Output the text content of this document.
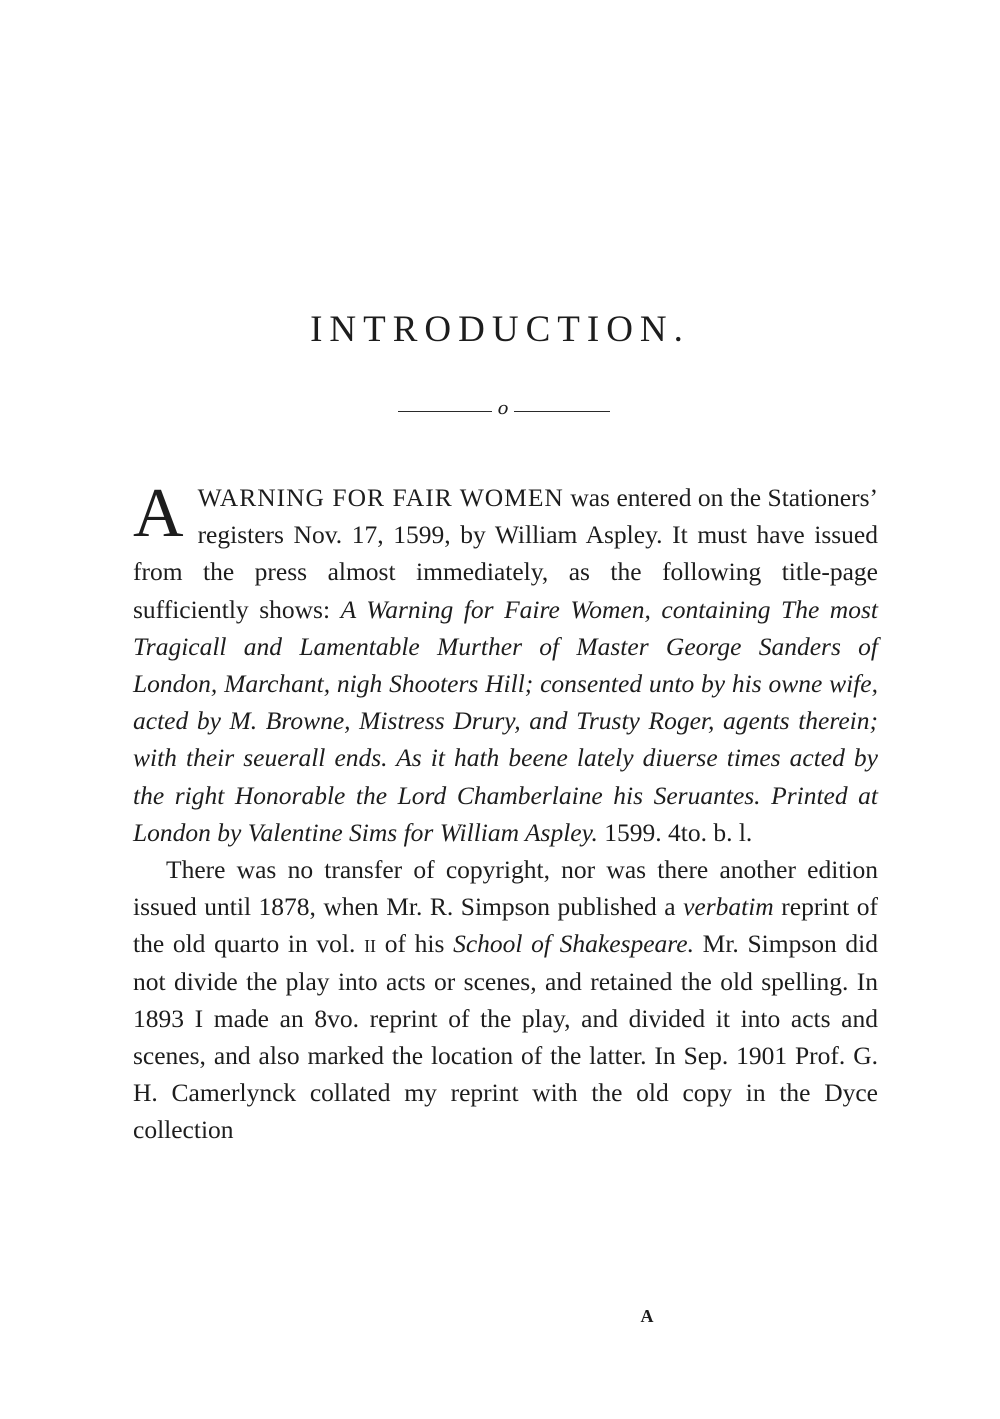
INTRODUCTION.
o

AWARNING FOR FAIR WOMEN was entered on the Stationers’ registers Nov. 17, 1599, by William Aspley. It must have issued from the press almost immediately, as the following title-page sufficiently shows: A Warning for Faire Women, containing The most Tragicall and Lamentable Murther of Master George Sanders of London, Marchant, nigh Shooters Hill; consented unto by his owne wife, acted by M. Browne, Mistress Drury, and Trusty Roger, agents therein; with their seuerall ends. As it hath beene lately diuerse times acted by the right Honorable the Lord Chamberlaine his Seruantes. Printed at London by Valentine Sims for William Aspley. 1599. 4to. b. l.

There was no transfer of copyright, nor was there another edition issued until 1878, when Mr. R. Simpson published a verbatim reprint of the old quarto in vol. ii of his School of Shakespeare. Mr. Simpson did not divide the play into acts or scenes, and retained the old spelling. In 1893 I made an 8vo. reprint of the play, and divided it into acts and scenes, and also marked the location of the latter. In Sep. 1901 Prof. G. H. Camerlynck collated my reprint with the old copy in the Dyce collection

A
